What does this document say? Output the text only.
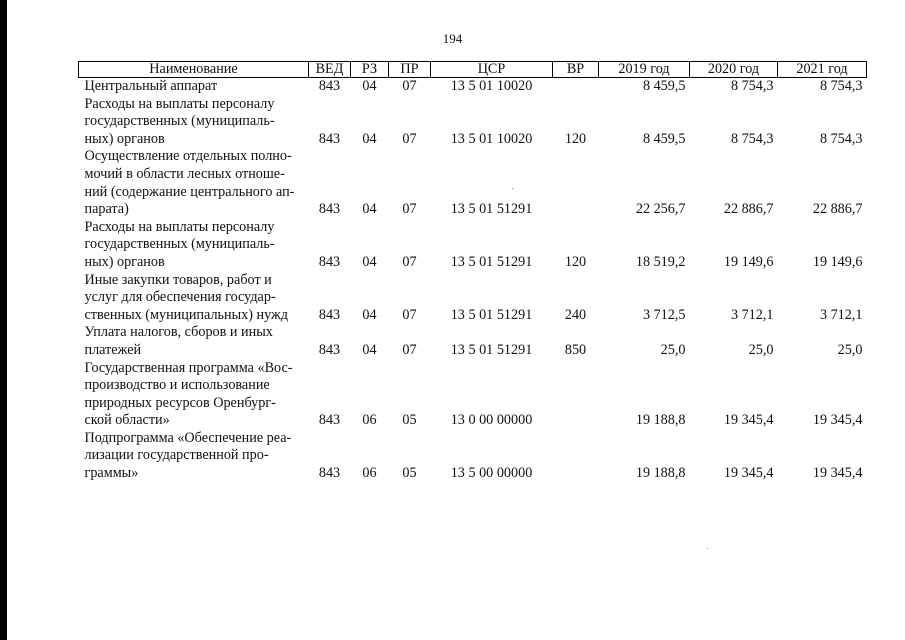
194
Наименование	ВЕД	РЗ	ПР	ЦСР	ВР	2019 год	2020 год	2021 год
Центральный аппарат	843	04	07	13 5 01 10020		8 459,5	8 754,3	8 754,3
Расходы на выплаты персоналу
государственных (муниципаль-
ных) органов	843	04	07	13 5 01 10020	120	8 459,5	8 754,3	8 754,3
Осуществление отдельных полно-
мочий в области лесных отноше-
ний (содержание центрального ап-
парата)	843	04	07	13 5 01 51291		22 256,7	22 886,7	22 886,7
Расходы на выплаты персоналу
государственных (муниципаль-
ных) органов	843	04	07	13 5 01 51291	120	18 519,2	19 149,6	19 149,6
Иные закупки товаров, работ и
услуг для обеспечения государ-
ственных (муниципальных) нужд	843	04	07	13 5 01 51291	240	3 712,5	3 712,1	3 712,1
Уплата налогов, сборов и иных
платежей	843	04	07	13 5 01 51291	850	25,0	25,0	25,0
Государственная программа «Вос-
производство и использование
природных ресурсов Оренбург-
ской области»	843	06	05	13 0 00 00000		19 188,8	19 345,4	19 345,4
Подпрограмма «Обеспечение реа-
лизации государственной про-
граммы»	843	06	05	13 5 00 00000		19 188,8	19 345,4	19 345,4
